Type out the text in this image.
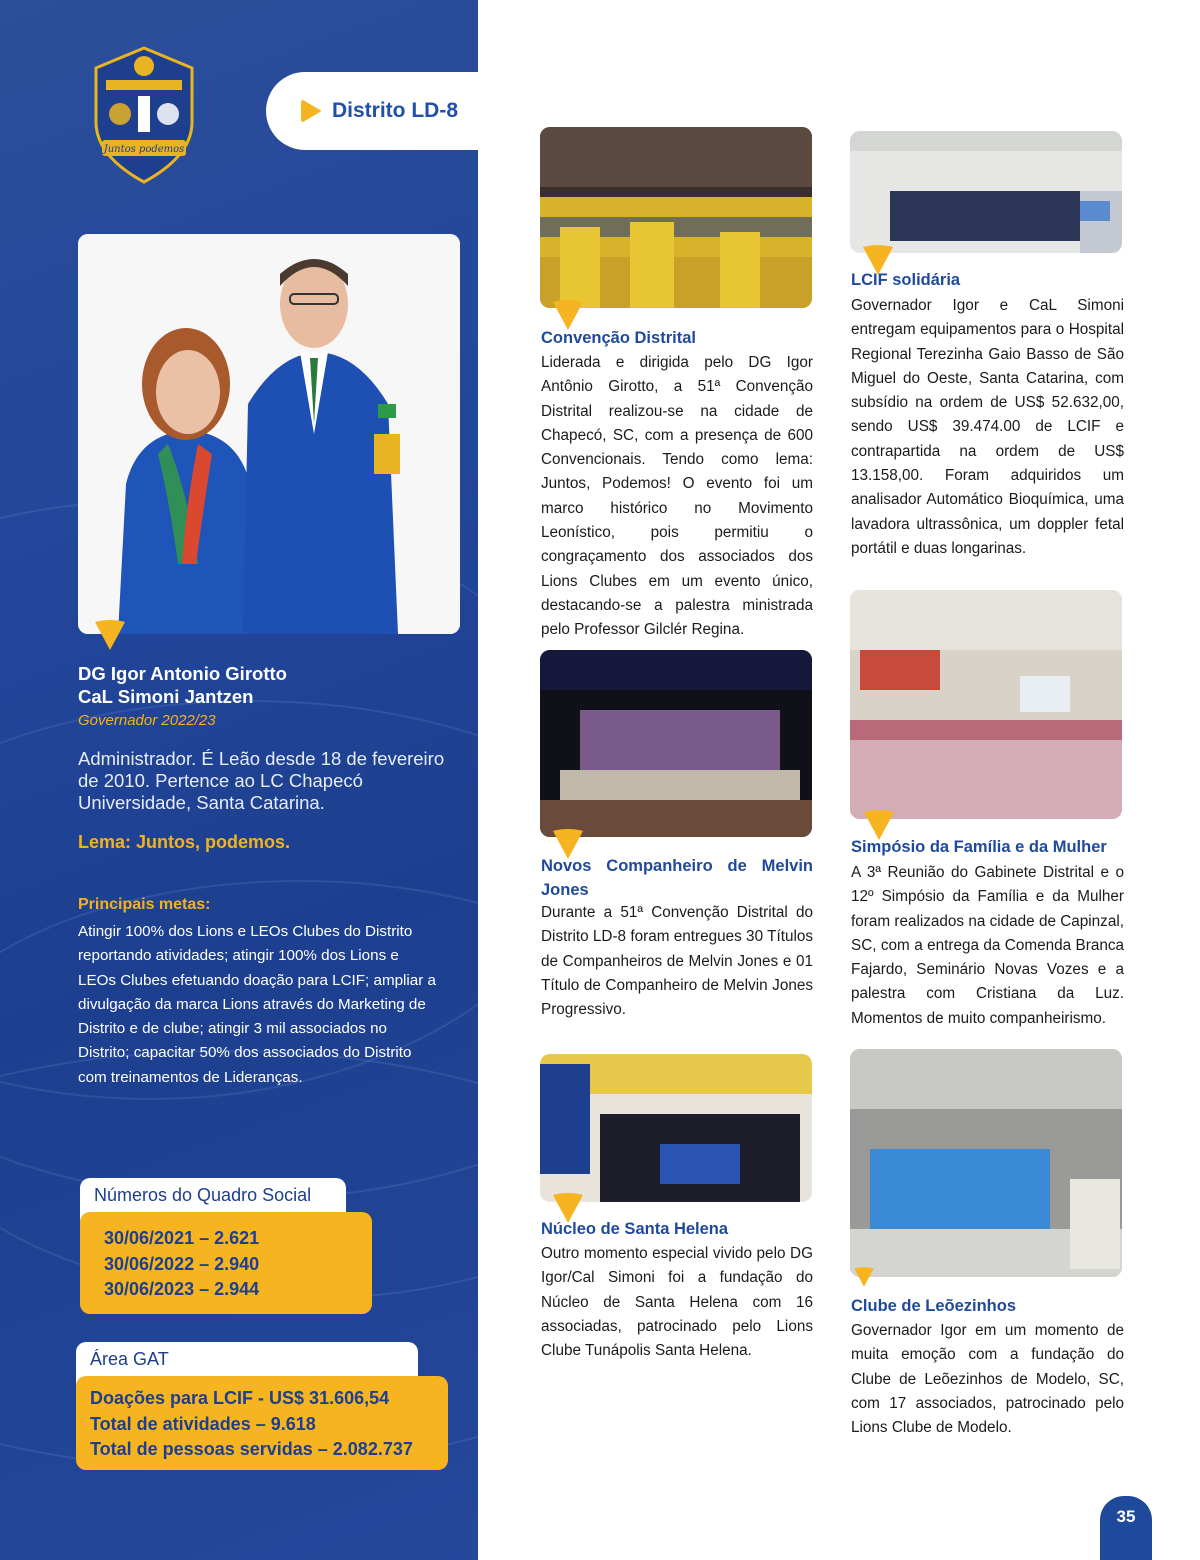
Juntos podemos
DG Igor Antonio Girotto
CaL Simoni Jantzen
Governador 2022/23
Administrador. É Leão desde 18 de fevereiro de 2010. Pertence ao LC Chapecó Universidade, Santa Catarina.
Lema: Juntos, podemos.
Principais metas:
Atingir 100% dos Lions e LEOs Clubes do Distrito reportando atividades; atingir 100% dos Lions e LEOs Clubes efetuando doação para LCIF; ampliar a divulgação da marca Lions através do Marketing de Distrito e de clube; atingir 3 mil associados no Distrito; capacitar 50% dos associados do Distrito com treinamentos de Lideranças.
Números do Quadro Social
30/06/2021 – 2.621
30/06/2022 – 2.940
30/06/2023 – 2.944
Área GAT
Doações para LCIF - US$ 31.606,54
Total de atividades – 9.618
Total de pessoas servidas – 2.082.737
Distrito LD-8
Convenção Distrital
Liderada e dirigida pelo DG Igor Antônio Girotto, a 51ª Convenção Distrital realizou-se na cidade de Chapecó, SC, com a presença de 600 Convencionais. Tendo como lema: Juntos, Podemos! O evento foi um marco histórico no Movimento Leonístico, pois permitiu o congraçamento dos associados dos Lions Clubes em um evento único, destacando-se a palestra ministrada pelo Professor Gilclér Regina.
LCIF solidária
Governador Igor e CaL Simoni entregam equipamentos para o Hospital Regional Terezinha Gaio Basso de São Miguel do Oeste, Santa Catarina, com subsídio na ordem de US$ 52.632,00, sendo US$ 39.474.00 de LCIF e contrapartida na ordem de US$ 13.158,00. Foram adquiridos um analisador Automático Bioquímica, uma lavadora ultrassônica, um doppler fetal portátil e duas longarinas.
Novos Companheiro de Melvin Jones
Durante a 51ª Convenção Distrital do Distrito LD-8 foram entregues 30 Títulos de Companheiros de Melvin Jones e 01 Título de Companheiro de Melvin Jones Progressivo.
Simpósio da Família e da Mulher
A 3ª Reunião do Gabinete Distrital e o 12º Simpósio da Família e da Mulher foram realizados na cidade de Capinzal, SC, com a entrega da Comenda Branca Fajardo, Seminário Novas Vozes e a palestra com Cristiana da Luz. Momentos de muito companheirismo.
Núcleo de Santa Helena
Outro momento especial vivido pelo DG Igor/Cal Simoni foi a fundação do Núcleo de Santa Helena com 16 associadas, patrocinado pelo Lions Clube Tunápolis Santa Helena.
Clube de Leõezinhos
Governador Igor em um momento de muita emoção com a fundação do Clube de Leõezinhos de Modelo, SC, com 17 associados, patrocinado pelo Lions Clube de Modelo.
35
